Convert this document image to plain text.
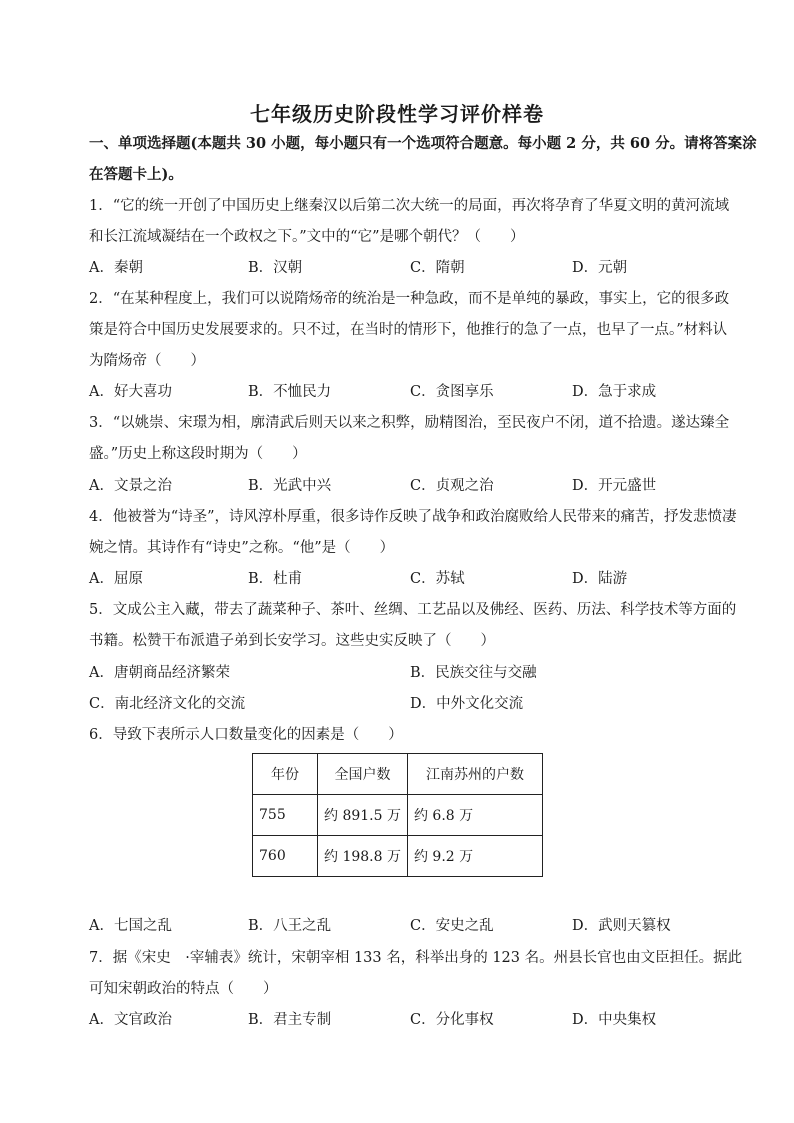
七年级历史阶段性学习评价样卷
一、单项选择题(本题共 30 小题，每小题只有一个选项符合题意。每小题 2 分，共 60 分。请将答案涂
在答题卡上)。
1．“它的统一开创了中国历史上继秦汉以后第二次大统一的局面，再次将孕育了华夏文明的黄河流域
和长江流域凝结在一个政权之下。”文中的“它”是哪个朝代？（　　）
A．秦朝	B．汉朝	C．隋朝	D．元朝
2．“在某种程度上，我们可以说隋炀帝的统治是一种急政，而不是单纯的暴政，事实上，它的很多政
策是符合中国历史发展要求的。只不过，在当时的情形下，他推行的急了一点，也早了一点。”材料认
为隋炀帝（　　）
A．好大喜功	B．不恤民力	C．贪图享乐	D．急于求成
3．“以姚崇、宋璟为相，廓清武后则天以来之积弊，励精图治，至民夜户不闭，道不拾遗。遂达臻全
盛。”历史上称这段时期为（　　）
A．文景之治	B．光武中兴	C．贞观之治	D．开元盛世
4．他被誉为“诗圣”，诗风淳朴厚重，很多诗作反映了战争和政治腐败给人民带来的痛苦，抒发悲愤凄
婉之情。其诗作有“诗史”之称。“他”是（　　）
A．屈原	B．杜甫	C．苏轼	D．陆游
5．文成公主入藏，带去了蔬菜种子、茶叶、丝绸、工艺品以及佛经、医药、历法、科学技术等方面的
书籍。松赞干布派遣子弟到长安学习。这些史实反映了（　　）
A．唐朝商品经济繁荣	B．民族交往与交融
C．南北经济文化的交流	D．中外文化交流
6．导致下表所示人口数量变化的因素是（　　）
年份	全国户数	江南苏州的户数
755	约 891.5 万	约 6.8 万
760	约 198.8 万	约 9.2 万
A．七国之乱	B．八王之乱	C．安史之乱	D．武则天篡权
7．据《宋史　·宰辅表》统计，宋朝宰相 133 名，科举出身的 123 名。州县长官也由文臣担任。据此
可知宋朝政治的特点（　　）
A．文官政治	B．君主专制	C．分化事权	D．中央集权
